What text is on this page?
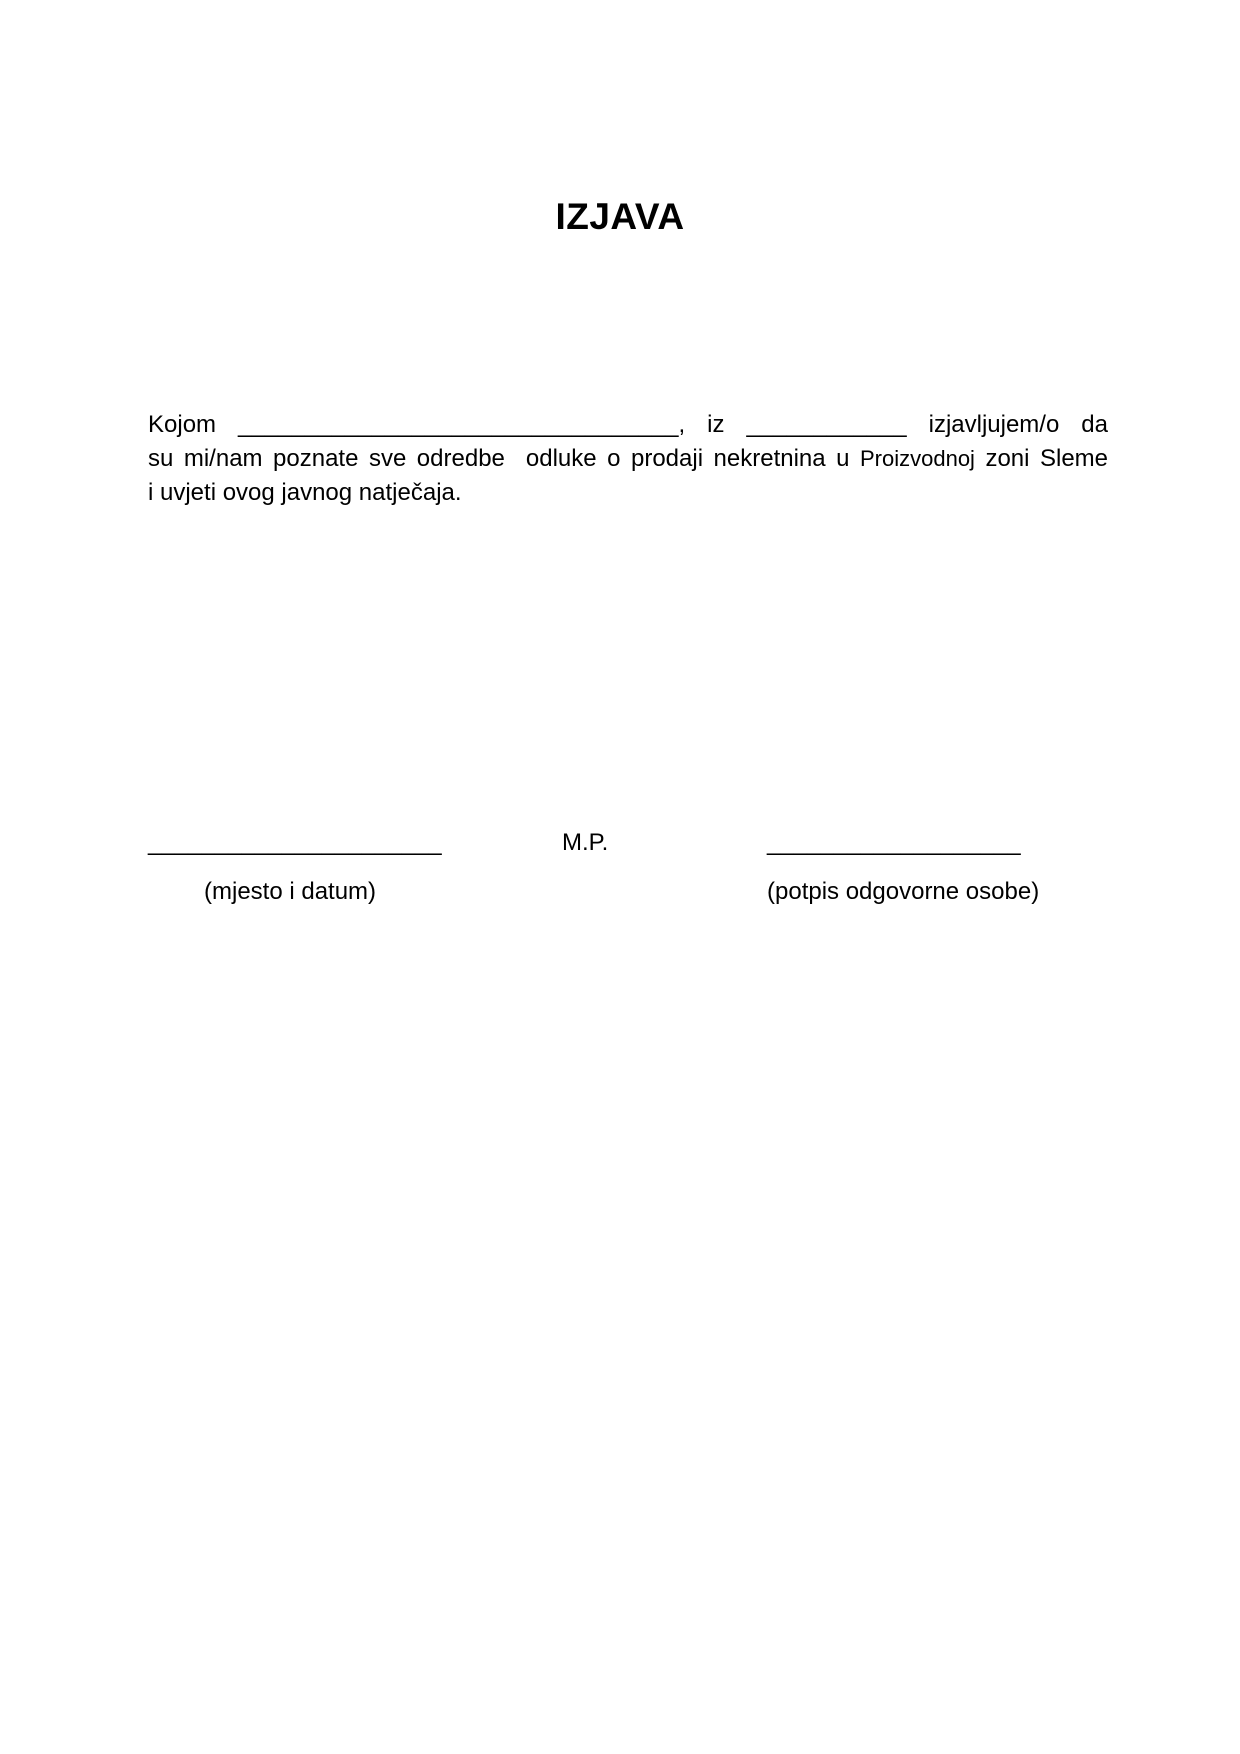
IZJAVA
Kojom _________________________________, iz ____________ izjavljujem/o da
su mi/nam poznate sve odredbe  odluke o prodaji nekretnina u Proizvodnoj zoni Sleme
i uvjeti ovog javnog natječaja.
______________________	M.P.	___________________
(mjesto i datum)	(potpis odgovorne osobe)
